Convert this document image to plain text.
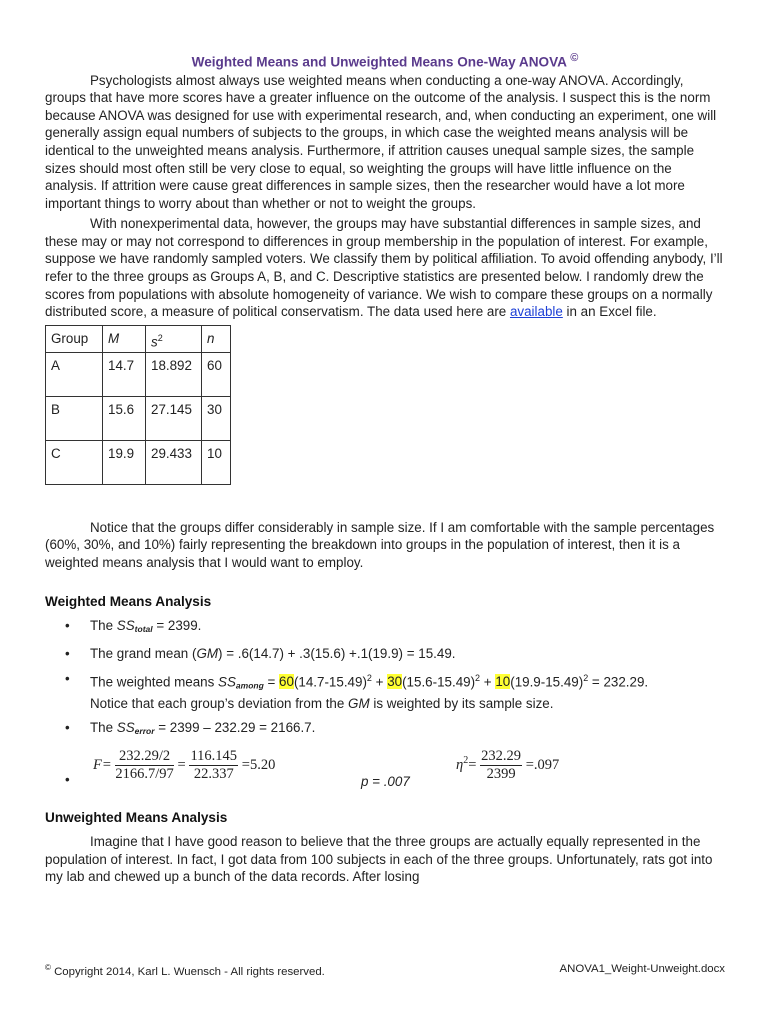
Weighted Means and Unweighted Means One-Way ANOVA ©

Psychologists almost always use weighted means when conducting a one-way ANOVA. Accordingly, groups that have more scores have a greater influence on the outcome of the analysis. I suspect this is the norm because ANOVA was designed for use with experimental research, and, when conducting an experiment, one will generally assign equal numbers of subjects to the groups, in which case the weighted means analysis will be identical to the unweighted means analysis. Furthermore, if attrition causes unequal sample sizes, the sample sizes should most often still be very close to equal, so weighting the groups will have little influence on the analysis. If attrition were cause great differences in sample sizes, then the researcher would have a lot more important things to worry about than whether or not to weight the groups.

With nonexperimental data, however, the groups may have substantial differences in sample sizes, and these may or may not correspond to differences in group membership in the population of interest. For example, suppose we have randomly sampled voters. We classify them by political affiliation. To avoid offending anybody, I’ll refer to the three groups as Groups A, B, and C. Descriptive statistics are presented below. I randomly drew the scores from populations with absolute homogeneity of variance. We wish to compare these groups on a normally distributed score, a measure of political conservatism. The data used here are available in an Excel file.

Group	M	$s^2$	n
A	14.7	18.892	60
B	15.6	27.145	30
C	19.9	29.433	10

Notice that the groups differ considerably in sample size. If I am comfortable with the sample percentages (60%, 30%, and 10%) fairly representing the breakdown into groups in the population of interest, then it is a weighted means analysis that I would want to employ.

Weighted Means Analysis
• The $SS_{total} = 2399$.
• The grand mean (GM) = .6(14.7) + .3(15.6) +.1(19.9) = 15.49.
• The weighted means $SS_{among} = 60(14.7-15.49)^2 + 30(15.6-15.49)^2 + 10(19.9-15.49)^2 = 232.29$.
Notice that each group’s deviation from the GM is weighted by its sample size.
• The $SS_{error} = 2399 - 232.29 = 2166.7$.
•
$F= \frac{232.29/2}{2166.7/97} = \frac{116.145}{22.337} =5.20$
p = .007
$\eta^2= \frac{232.29}{2399} =.097$
Unweighted Means Analysis

Imagine that I have good reason to believe that the three groups are actually equally represented in the population of interest. In fact, I got data from 100 subjects in each of the three groups. Unfortunately, rats got into my lab and chewed up a bunch of the data records. After losing

© Copyright 2014, Karl L. Wuensch - All rights reserved.	ANOVA1_Weight-Unweight.docx
